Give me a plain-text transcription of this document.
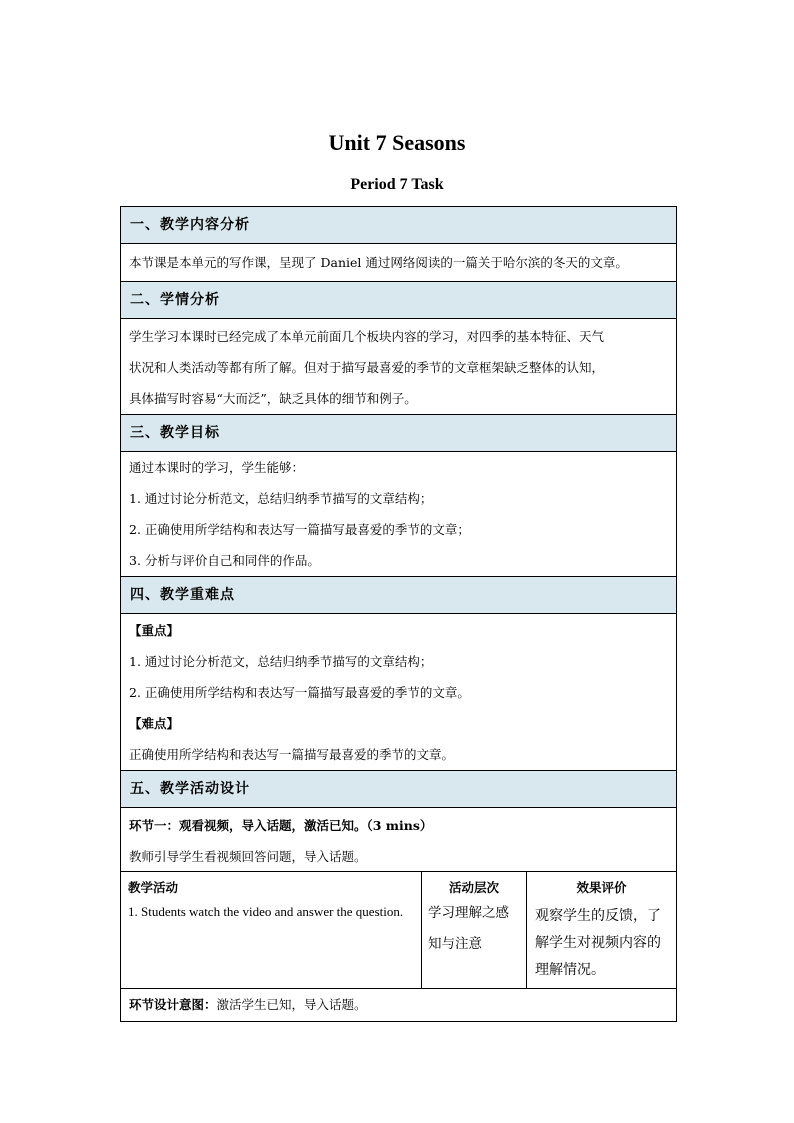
Unit 7 Seasons
Period 7 Task
一、教学内容分析
本节课是本单元的写作课，呈现了 Daniel 通过网络阅读的一篇关于哈尔滨的冬天的文章。
二、学情分析
学生学习本课时已经完成了本单元前面几个板块内容的学习，对四季的基本特征、天气
状况和人类活动等都有所了解。但对于描写最喜爱的季节的文章框架缺乏整体的认知，
具体描写时容易“大而泛”，缺乏具体的细节和例子。
三、教学目标
通过本课时的学习，学生能够：
1. 通过讨论分析范文，总结归纳季节描写的文章结构；
2. 正确使用所学结构和表达写一篇描写最喜爱的季节的文章；
3. 分析与评价自己和同伴的作品。
四、教学重难点
【重点】
1. 通过讨论分析范文，总结归纳季节描写的文章结构；
2. 正确使用所学结构和表达写一篇描写最喜爱的季节的文章。
【难点】
正确使用所学结构和表达写一篇描写最喜爱的季节的文章。
五、教学活动设计
环节一：观看视频，导入话题，激活已知。（3 mins）
教师引导学生看视频回答问题，导入话题。
教学活动
1. Students watch the video and answer the question.
活动层次
学习理解之感知与注意
效果评价
观察学生的反馈，了解学生对视频内容的理解情况。
环节设计意图：激活学生已知，导入话题。
